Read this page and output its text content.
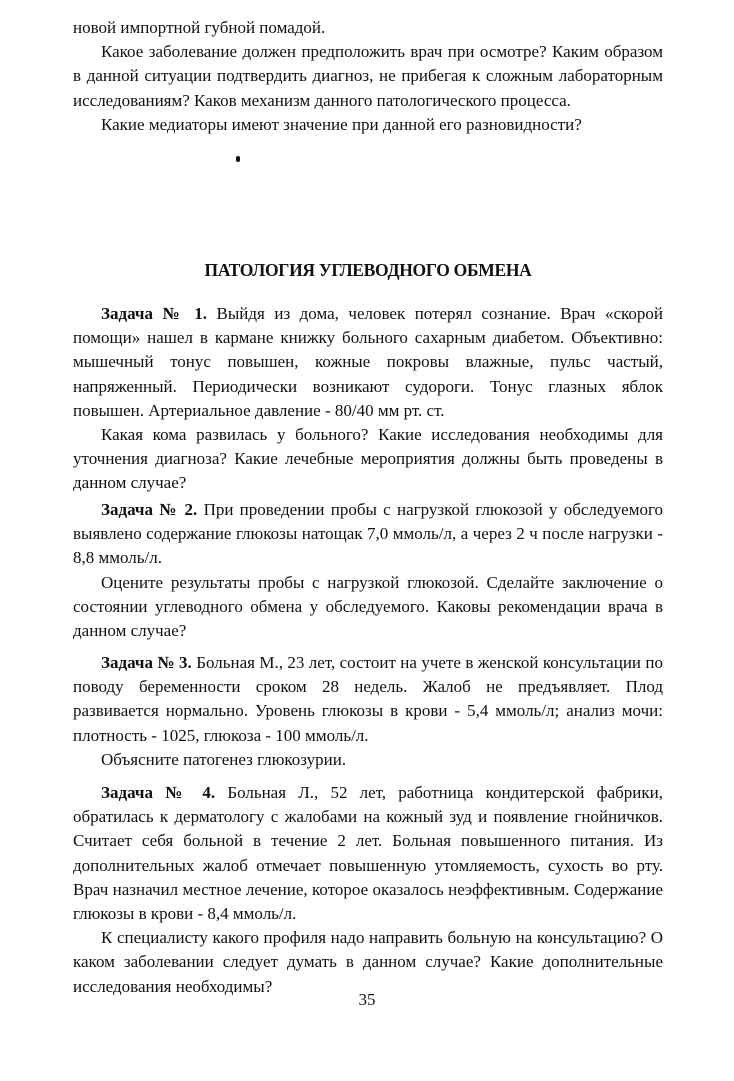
новой импортной губной помадой.

Какое заболевание должен предположить врач при осмотре? Каким образом в данной ситуации подтвердить диагноз, не прибегая к сложным лабораторным исследованиям? Каков механизм данного патологического процесса.

Какие медиаторы имеют значение при данной его разновидности?

ПАТОЛОГИЯ УГЛЕВОДНОГО ОБМЕНА

Задача № 1. Выйдя из дома, человек потерял сознание. Врач «скорой помощи» нашел в кармане книжку больного сахарным диабетом. Объективно: мышечный тонус повышен, кожные покровы влажные, пульс частый, напряженный. Периодически возникают судороги. Тонус глазных яблок повышен. Артериальное давление - 80/40 мм рт. ст.

Какая кома развилась у больного? Какие исследования необходимы для уточнения диагноза? Какие лечебные мероприятия должны быть проведены в данном случае?

Задача № 2. При проведении пробы с нагрузкой глюкозой у обследуемого выявлено содержание глюкозы натощак 7,0 ммоль/л, а через 2 ч после нагрузки - 8,8 ммоль/л.

Оцените результаты пробы с нагрузкой глюкозой. Сделайте заключение о состоянии углеводного обмена у обследуемого. Каковы рекомендации врача в данном случае?

Задача № 3. Больная М., 23 лет, состоит на учете в женской консультации по поводу беременности сроком 28 недель. Жалоб не предъявляет. Плод развивается нормально. Уровень глюкозы в крови - 5,4 ммоль/л; анализ мочи: плотность - 1025, глюкоза - 100 ммоль/л.

Объясните патогенез глюкозурии.

Задача № 4. Больная Л., 52 лет, работница кондитерской фабрики, обратилась к дерматологу с жалобами на кожный зуд и появление гнойничков. Считает себя больной в течение 2 лет. Больная повышенного питания. Из дополнительных жалоб отмечает повышенную утомляемость, сухость во рту. Врач назначил местное лечение, которое оказалось неэффективным. Содержание глюкозы в крови - 8,4 ммоль/л.

К специалисту какого профиля надо направить больную на консультацию? О каком заболевании следует думать в данном случае? Какие дополнительные исследования необходимы?

35
